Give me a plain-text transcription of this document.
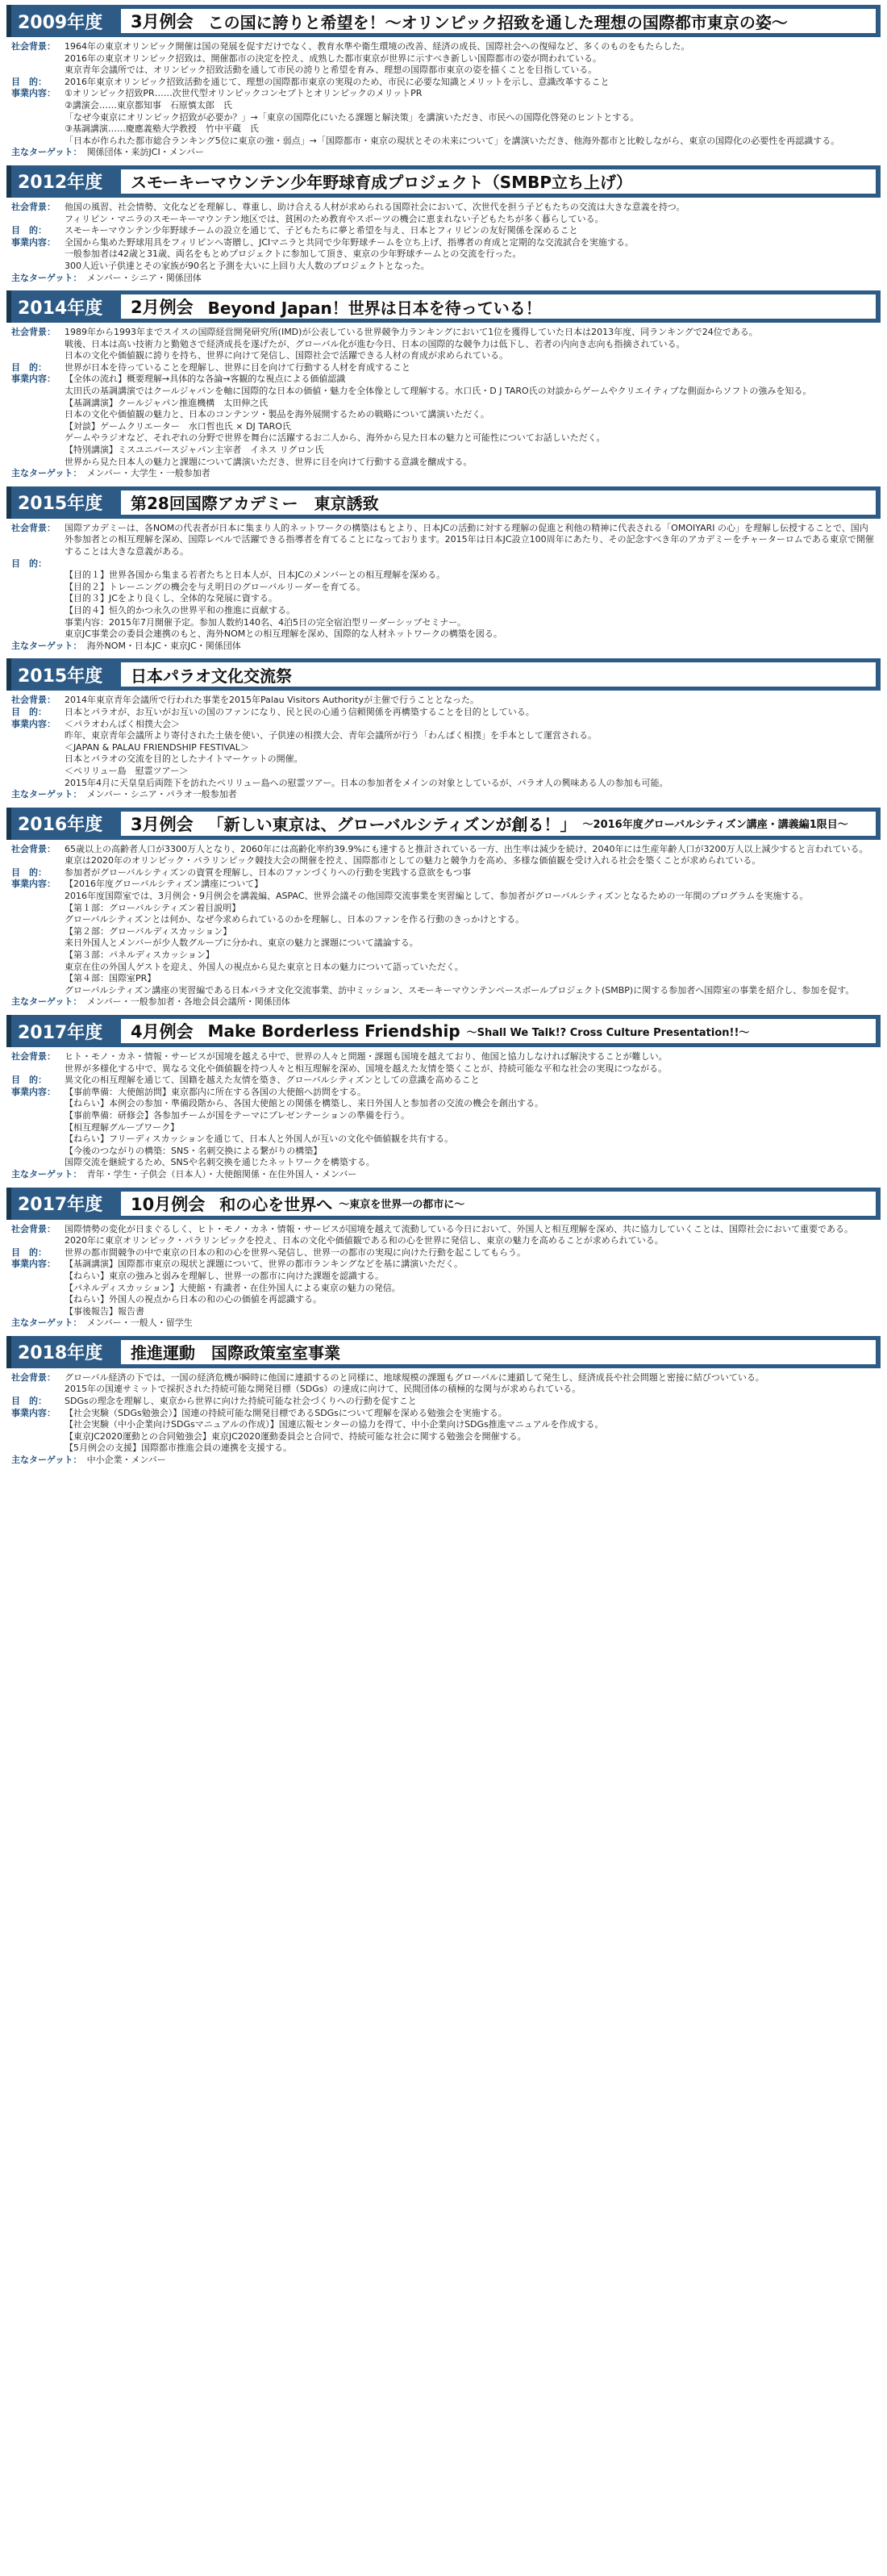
2009年度	3月例会 この国に誇りと希望を！〜オリンピック招致を通した理想の国際都市東京の姿〜
社会背景：	1964年の東京オリンピック開催は国の発展を促すだけでなく、教育水準や衛生環境の改善、経済の成長、国際社会への復帰など、多くのものをもたらした。
2016年の東京オリンピック招致は、開催都市の決定を控え、成熟した都市東京が世界に示すべき新しい国際都市の姿が問われている。
東京青年会議所では、オリンピック招致活動を通して市民の誇りと希望を育み、理想の国際都市東京の姿を描くことを目指している。
目　的：	2016年東京オリンピック招致活動を通じて、理想の国際都市東京の実現のため、市民に必要な知識とメリットを示し、意識改革すること
事業内容：	①オリンピック招致PR……次世代型オリンピックコンセプトとオリンピックのメリットPR
②講演会……東京都知事　石原慎太郎　氏
「なぜ今東京にオリンピック招致が必要か？」→「東京の国際化にいたる課題と解決策」を講演いただき、市民への国際化啓発のヒントとする。
③基調講演……慶應義塾大学教授　竹中平蔵　氏
「日本が作られた都市総合ランキング5位に東京の強・弱点」→「国際都市・東京の現状とその未来について」を講演いただき、他海外都市と比較しながら、東京の国際化の必要性を再認識する。
主なターゲット： 関係団体・来訪JCI・メンバー
2012年度	スモーキーマウンテン少年野球育成プロジェクト（SMBP立ち上げ）
社会背景：	他国の風習、社会情勢、文化などを理解し、尊重し、助け合える人材が求められる国際社会において、次世代を担う子どもたちの交流は大きな意義を持つ。
フィリピン・マニラのスモーキーマウンテン地区では、貧困のため教育やスポーツの機会に恵まれない子どもたちが多く暮らしている。
目　的：	スモーキーマウンテン少年野球チームの設立を通じて、子どもたちに夢と希望を与え、日本とフィリピンの友好関係を深めること
事業内容：	全国から集めた野球用具をフィリピンへ寄贈し、JCIマニラと共同で少年野球チームを立ち上げ、指導者の育成と定期的な交流試合を実施する。
一般参加者は42歳と31歳、両名をもとめプロジェクトに参加して頂き、東京の少年野球チームとの交流を行った。
300人近い子供達とその家族が90名と予測を大いに上回り大人数のプロジェクトとなった。
主なターゲット： メンバー・シニア・関係団体
2014年度	2月例会 Beyond Japan！世界は日本を待っている！
社会背景：	1989年から1993年までスイスの国際経営開発研究所(IMD)が公表している世界競争力ランキングにおいて1位を獲得していた日本は2013年度、同ランキングで24位である。
戦後、日本は高い技術力と勤勉さで経済成長を遂げたが、グローバル化が進む今日、日本の国際的な競争力は低下し、若者の内向き志向も指摘されている。
日本の文化や価値観に誇りを持ち、世界に向けて発信し、国際社会で活躍できる人材の育成が求められている。
目　的：	世界が日本を待っていることを理解し、世界に目を向けて行動する人材を育成すること
事業内容：	【全体の流れ】概要理解→具体的な各論→客観的な視点による価値認識
太田氏の基調講演ではクールジャパンを軸に国際的な日本の価値・魅力を全体像として理解する。水口氏・D J TARO氏の対談からゲームやクリエイティブな側面からソフトの強みを知る。
【基調講演】クールジャパン推進機構　太田伸之氏
日本の文化や価値観の魅力と、日本のコンテンツ・製品を海外展開するための戦略について講演いただく。
【対談】ゲームクリエーター　水口哲也氏 × DJ TARO氏
ゲームやラジオなど、それぞれの分野で世界を舞台に活躍するお二人から、海外から見た日本の魅力と可能性についてお話しいただく。
【特別講演】ミスユニバースジャパン主宰者　イネス リグロン氏
世界から見た日本人の魅力と課題について講演いただき、世界に目を向けて行動する意識を醸成する。
主なターゲット： メンバー・大学生・一般参加者
2015年度	第28回国際アカデミー　東京誘致
社会背景：	国際アカデミーは、各NOMの代表者が日本に集まり人的ネットワークの構築はもとより、日本JCの活動に対する理解の促進と利他の精神に代表される「OMOIYARI の心」を理解し伝授することで、国内外参加者との相互理解を深め、国際レベルで活躍できる指導者を育てることになっております。2015年は日本JC設立100周年にあたり、その記念すべき年のアカデミーをチャーターロムである東京で開催することは大きな意義がある。
目　的：
【目的１】世界各国から集まる若者たちと日本人が、日本JCのメンバーとの相互理解を深める。
【目的２】トレーニングの機会を与え明日のグローバルリーダーを育てる。
【目的３】JCをより良くし、全体的な発展に資する。
【目的４】恒久的かつ永久の世界平和の推進に貢献する。
事業内容：2015年7月開催予定。参加人数約140名、4泊5日の完全宿泊型リーダーシップセミナー。
東京JC事業会の委員会連携のもと、海外NOMとの相互理解を深め、国際的な人材ネットワークの構築を図る。
主なターゲット： 海外NOM・日本JC・東京JC・関係団体
2015年度	日本パラオ文化交流祭
社会背景：	2014年東京青年会議所で行われた事業を2015年Palau Visitors Authorityが主催で行うこととなった。
目　的：	日本とパラオが、お互いがお互いの国のファンになり、民と民の心通う信頼関係を再構築することを目的としている。
事業内容：	＜パラオわんぱく相撲大会＞
昨年、東京青年会議所より寄付された土俵を使い、子供達の相撲大会、青年会議所が行う「わんぱく相撲」を手本として運営される。
＜JAPAN & PALAU FRIENDSHIP FESTIVAL＞
日本とパラオの交流を目的としたナイトマーケットの開催。
＜ペリリュー島　慰霊ツアー＞
2015年4月に天皇皇后両陛下を訪れたペリリュー島への慰霊ツアー。日本の参加者をメインの対象としているが、パラオ人の興味ある人の参加も可能。
主なターゲット： メンバー・シニア・パラオ一般参加者
2016年度	3月例会 「新しい東京は、グローバルシティズンが創る！」 〜2016年度グローバルシティズン講座・講義編1限目〜
社会背景：	65歳以上の高齢者人口が3300万人となり、2060年には高齢化率約39.9%にも達すると推計されている一方、出生率は減少を続け、2040年には生産年齢人口が3200万人以上減少すると言われている。
東京は2020年のオリンピック・パラリンピック競技大会の開催を控え、国際都市としての魅力と競争力を高め、多様な価値観を受け入れる社会を築くことが求められている。
目　的：	参加者がグローバルシティズンの資質を理解し、日本のファンづくりへの行動を実践する意欲をもつ事
事業内容：	【2016年度グローバルシティズン講座について】
2016年度国際室では、3月例会・9月例会を講義編、ASPAC、世界会議その他国際交流事業を実習編として、参加者がグローバルシティズンとなるための一年間のプログラムを実施する。
【第１部：グローバルシティズン着目説明】
グローバルシティズンとは何か、なぜ今求められているのかを理解し、日本のファンを作る行動のきっかけとする。
【第２部：グローバルディスカッション】
来日外国人とメンバーが少人数グループに分かれ、東京の魅力と課題について議論する。
【第３部：パネルディスカッション】
東京在住の外国人ゲストを迎え、外国人の視点から見た東京と日本の魅力について語っていただく。
【第４部：国際室PR】
グローバルシティズン講座の実習編である日本パラオ文化交流事業、訪中ミッション、スモーキーマウンテンペースボールプロジェクト(SMBP)に関する参加者へ国際室の事業を紹介し、参加を促す。
主なターゲット： メンバー・一般参加者・各地会員会議所・関係団体
2017年度	4月例会 Make Borderless Friendship 〜Shall We Talk!? Cross Culture Presentation!!〜
社会背景：	ヒト・モノ・カネ・情報・サービスが国境を越える中で、世界の人々と問題・課題も国境を越えており、他国と協力しなければ解決することが難しい。
世界が多様化する中で、異なる文化や価値観を持つ人々と相互理解を深め、国境を越えた友情を築くことが、持続可能な平和な社会の実現につながる。
目　的：	異文化の相互理解を通じて、国籍を越えた友情を築き、グローバルシティズンとしての意識を高めること
事業内容：	【事前準備：大使館訪問】東京都内に所在する各国の大使館へ訪問をする。
【ねらい】本例会の参加・準備段階から、各国大使館との関係を構築し、来日外国人と参加者の交流の機会を創出する。
【事前準備：研修会】各参加チームが国をテーマにプレゼンテーションの準備を行う。
【相互理解グループワーク】
【ねらい】フリーディスカッションを通じて、日本人と外国人が互いの文化や価値観を共有する。
【今後のつながりの構築：SNS・名刺交換による繋がりの構築】
国際交流を継続するため、SNSや名刺交換を通じたネットワークを構築する。
主なターゲット： 青年・学生・子供会（日本人）・大使館関係・在住外国人・メンバー
2017年度	10月例会 和の心を世界へ 〜東京を世界一の都市に〜
社会背景：	国際情勢の変化が日まぐるしく、ヒト・モノ・カネ・情報・サービスが国境を越えて流動している今日において、外国人と相互理解を深め、共に協力していくことは、国際社会において重要である。
2020年に東京オリンピック・パラリンピックを控え、日本の文化や価値観である和の心を世界に発信し、東京の魅力を高めることが求められている。
目　的：	世界の都市間競争の中で東京の日本の和の心を世界へ発信し、世界一の都市の実現に向けた行動を起こしてもらう。
事業内容：	【基調講演】国際都市東京の現状と課題について、世界の都市ランキングなどを基に講演いただく。
【ねらい】東京の強みと弱みを理解し、世界一の都市に向けた課題を認識する。
【パネルディスカッション】大使館・有識者・在住外国人による東京の魅力の発信。
【ねらい】外国人の視点から日本の和の心の価値を再認識する。
【事後報告】報告書
主なターゲット： メンバー・一般人・留学生
2018年度	推進運動　国際政策室室事業
社会背景：	グローバル経済の下では、一国の経済危機が瞬時に他国に連鎖するのと同様に、地球規模の課題もグローバルに連鎖して発生し、経済成長や社会問題と密接に結びついている。
2015年の国連サミットで採択された持続可能な開発目標（SDGs）の達成に向けて、民間団体の積極的な関与が求められている。
目　的：	SDGsの理念を理解し、東京から世界に向けた持続可能な社会づくりへの行動を促すこと
事業内容：	【社会実験（SDGs勉強会）】国連の持続可能な開発目標であるSDGsについて理解を深める勉強会を実施する。
【社会実験（中小企業向けSDGsマニュアルの作成）】国連広報センターの協力を得て、中小企業向けSDGs推進マニュアルを作成する。
【東京JC2020運動との合同勉強会】東京JC2020運動委員会と合同で、持続可能な社会に関する勉強会を開催する。
【5月例会の支援】国際都市推進会員の連携を支援する。
主なターゲット： 中小企業・メンバー
